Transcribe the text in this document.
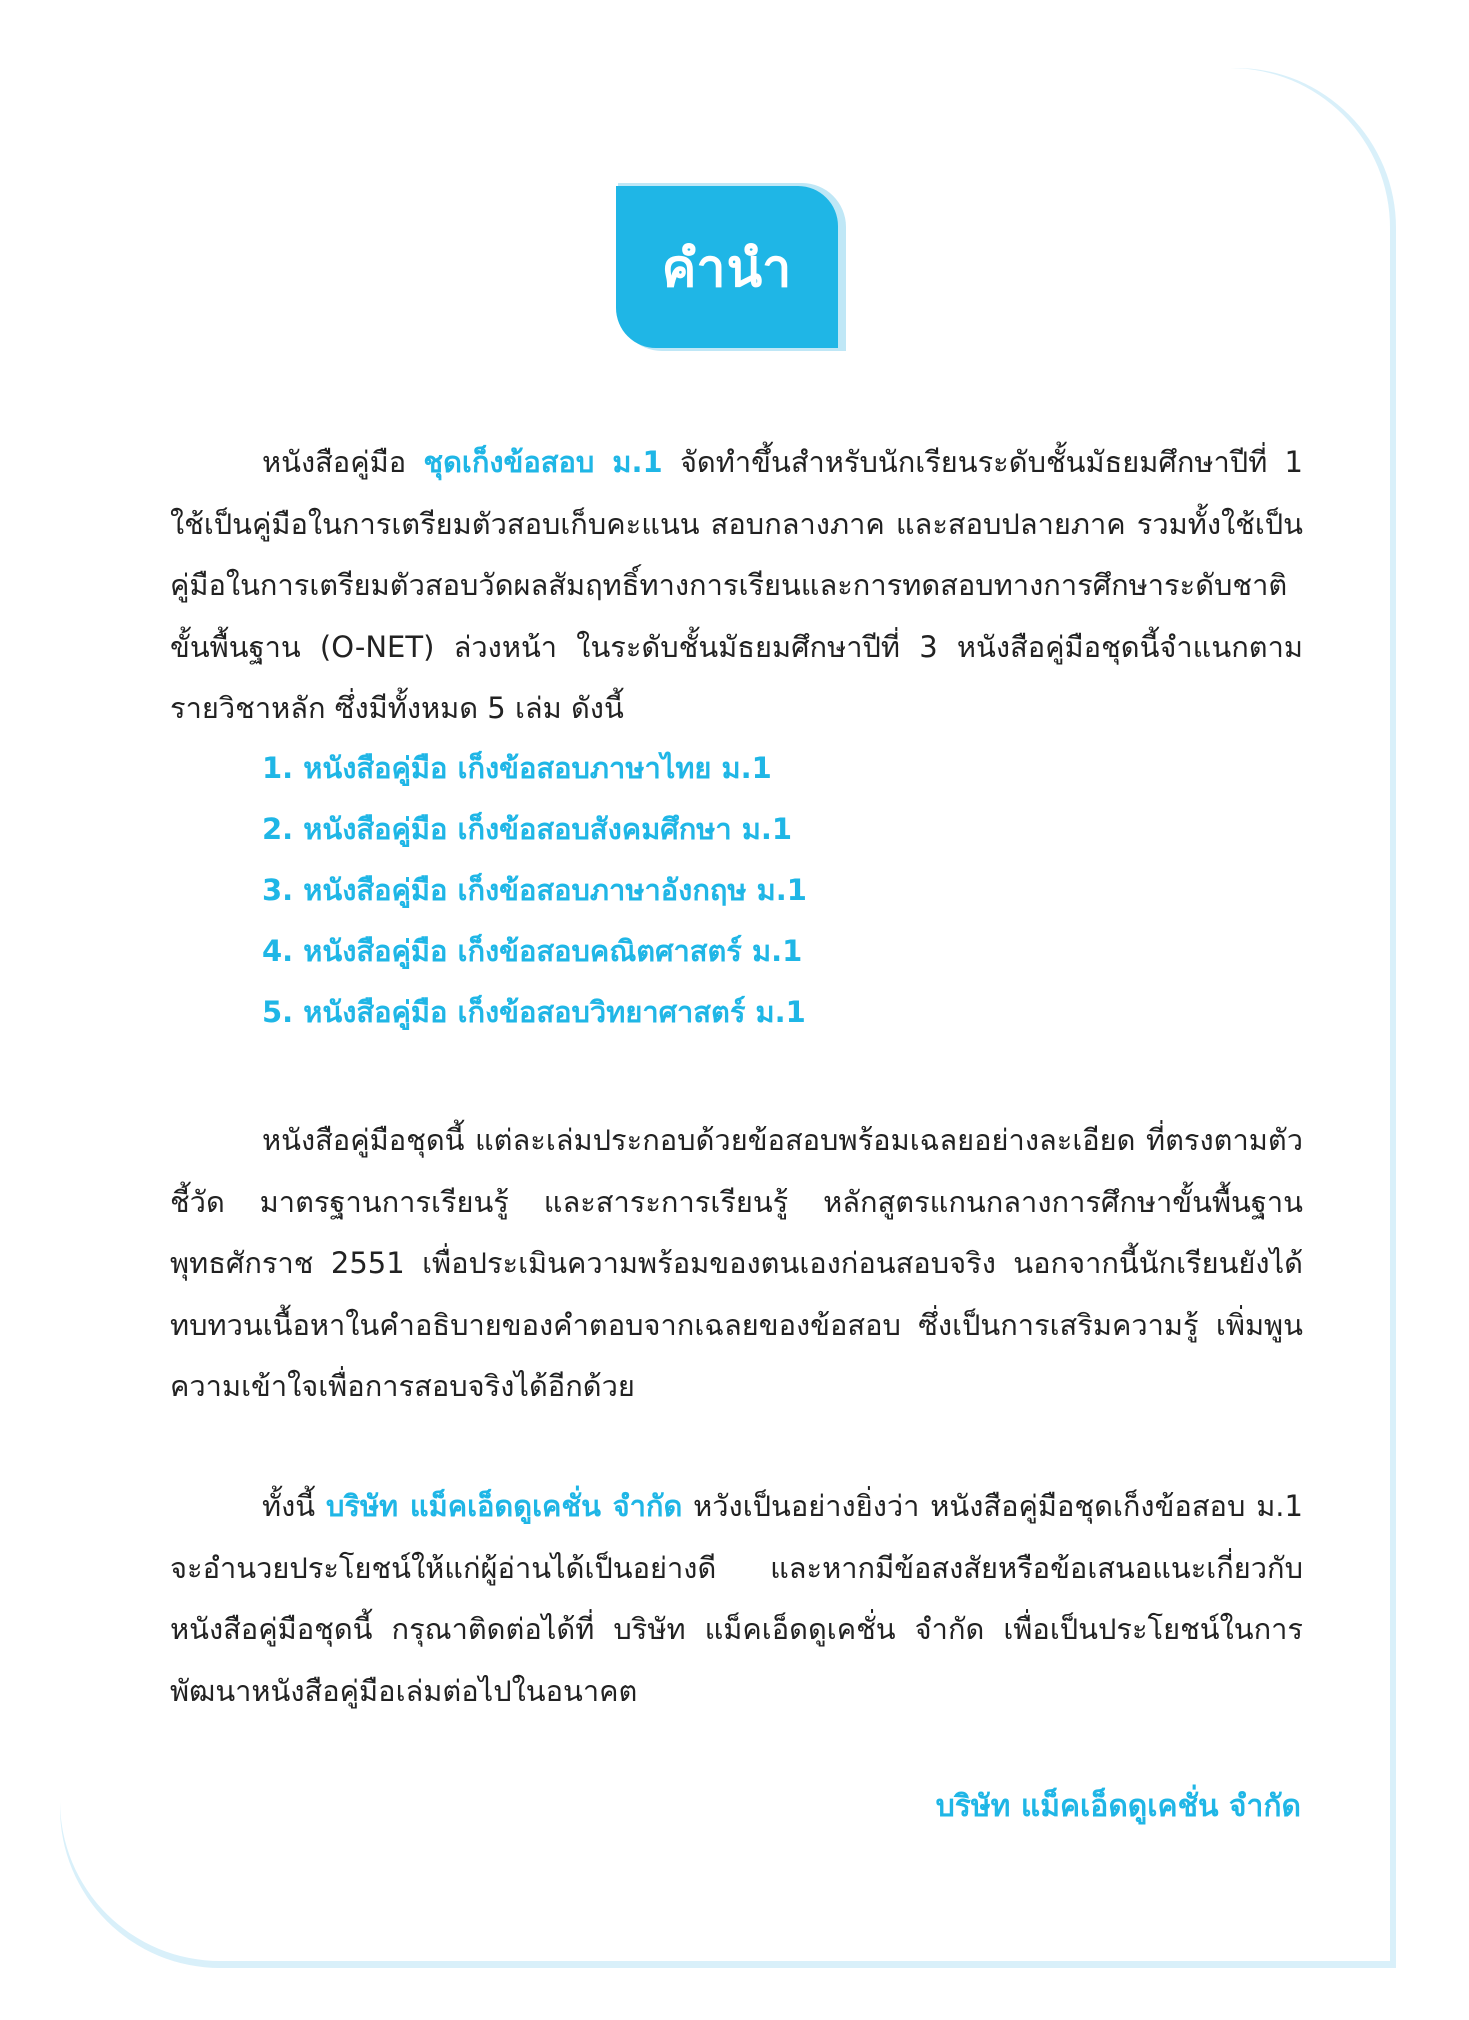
คำนำ
หนังสือคู่มือ ชุดเก็งข้อสอบ ม.1 จัดทำขึ้นสำหรับนักเรียนระดับชั้นมัธยมศึกษาปีที่ 1 ใช้เป็นคู่มือในการเตรียมตัวสอบเก็บคะแนน สอบกลางภาค และสอบปลายภาค รวมทั้งใช้เป็นคู่มือในการเตรียมตัวสอบวัดผลสัมฤทธิ์ทางการเรียนและการทดสอบทางการศึกษาระดับชาติขั้นพื้นฐาน (O-NET) ล่วงหน้า ในระดับชั้นมัธยมศึกษาปีที่ 3 หนังสือคู่มือชุดนี้จำแนกตามรายวิชาหลัก ซึ่งมีทั้งหมด 5 เล่ม ดังนี้
1. หนังสือคู่มือ เก็งข้อสอบภาษาไทย ม.1
2. หนังสือคู่มือ เก็งข้อสอบสังคมศึกษา ม.1
3. หนังสือคู่มือ เก็งข้อสอบภาษาอังกฤษ ม.1
4. หนังสือคู่มือ เก็งข้อสอบคณิตศาสตร์ ม.1
5. หนังสือคู่มือ เก็งข้อสอบวิทยาศาสตร์ ม.1
หนังสือคู่มือชุดนี้ แต่ละเล่มประกอบด้วยข้อสอบพร้อมเฉลยอย่างละเอียด ที่ตรงตามตัวชี้วัด มาตรฐานการเรียนรู้ และสาระการเรียนรู้ หลักสูตรแกนกลางการศึกษาขั้นพื้นฐาน พุทธศักราช 2551 เพื่อประเมินความพร้อมของตนเองก่อนสอบจริง นอกจากนี้นักเรียนยังได้ทบทวนเนื้อหาในคำอธิบายของคำตอบจากเฉลยของข้อสอบ ซึ่งเป็นการเสริมความรู้ เพิ่มพูนความเข้าใจเพื่อการสอบจริงได้อีกด้วย
ทั้งนี้ บริษัท แม็คเอ็ดดูเคชั่น จำกัด หวังเป็นอย่างยิ่งว่า หนังสือคู่มือชุดเก็งข้อสอบ ม.1 จะอำนวยประโยชน์ให้แก่ผู้อ่านได้เป็นอย่างดี และหากมีข้อสงสัยหรือข้อเสนอแนะเกี่ยวกับหนังสือคู่มือชุดนี้ กรุณาติดต่อได้ที่ บริษัท แม็คเอ็ดดูเคชั่น จำกัด เพื่อเป็นประโยชน์ในการพัฒนาหนังสือคู่มือเล่มต่อไปในอนาคต
บริษัท แม็คเอ็ดดูเคชั่น จำกัด
